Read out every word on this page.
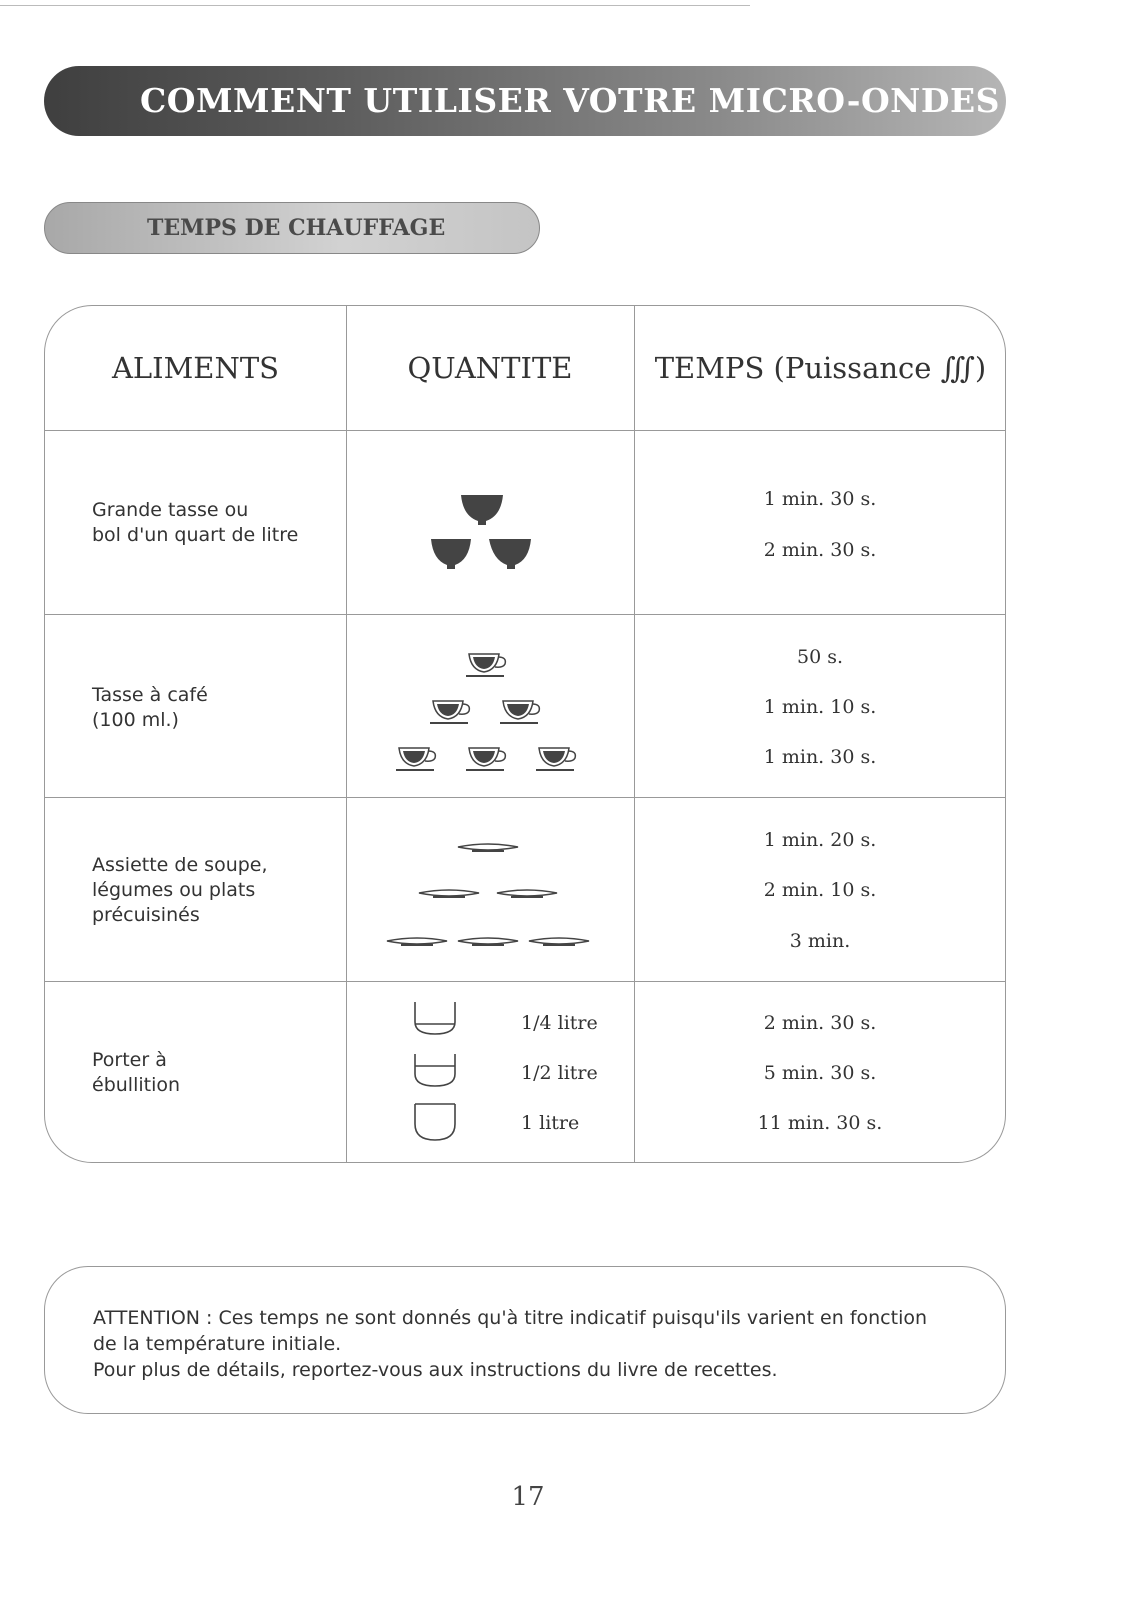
COMMENT UTILISER VOTRE MICRO-ONDES
TEMPS DE CHAUFFAGE
ALIMENTS	QUANTITE	TEMPS (Puissance ∭)
Grande tasse ou
bol d'un quart de litre
1 min. 30 s.
2 min. 30 s.
Tasse à café
(100 ml.)
50 s.
1 min. 10 s.
1 min. 30 s.
Assiette de soupe,
légumes ou plats
précuisinés
1 min. 20 s.
2 min. 10 s.
3 min.
Porter à
ébullition
1/4 litre
1/2 litre
1 litre
2 min. 30 s.
5 min. 30 s.
11 min. 30 s.
ATTENTION : Ces temps ne sont donnés qu'à titre indicatif puisqu'ils varient en fonction de la température initiale.
Pour plus de détails, reportez-vous aux instructions du livre de recettes.
17
